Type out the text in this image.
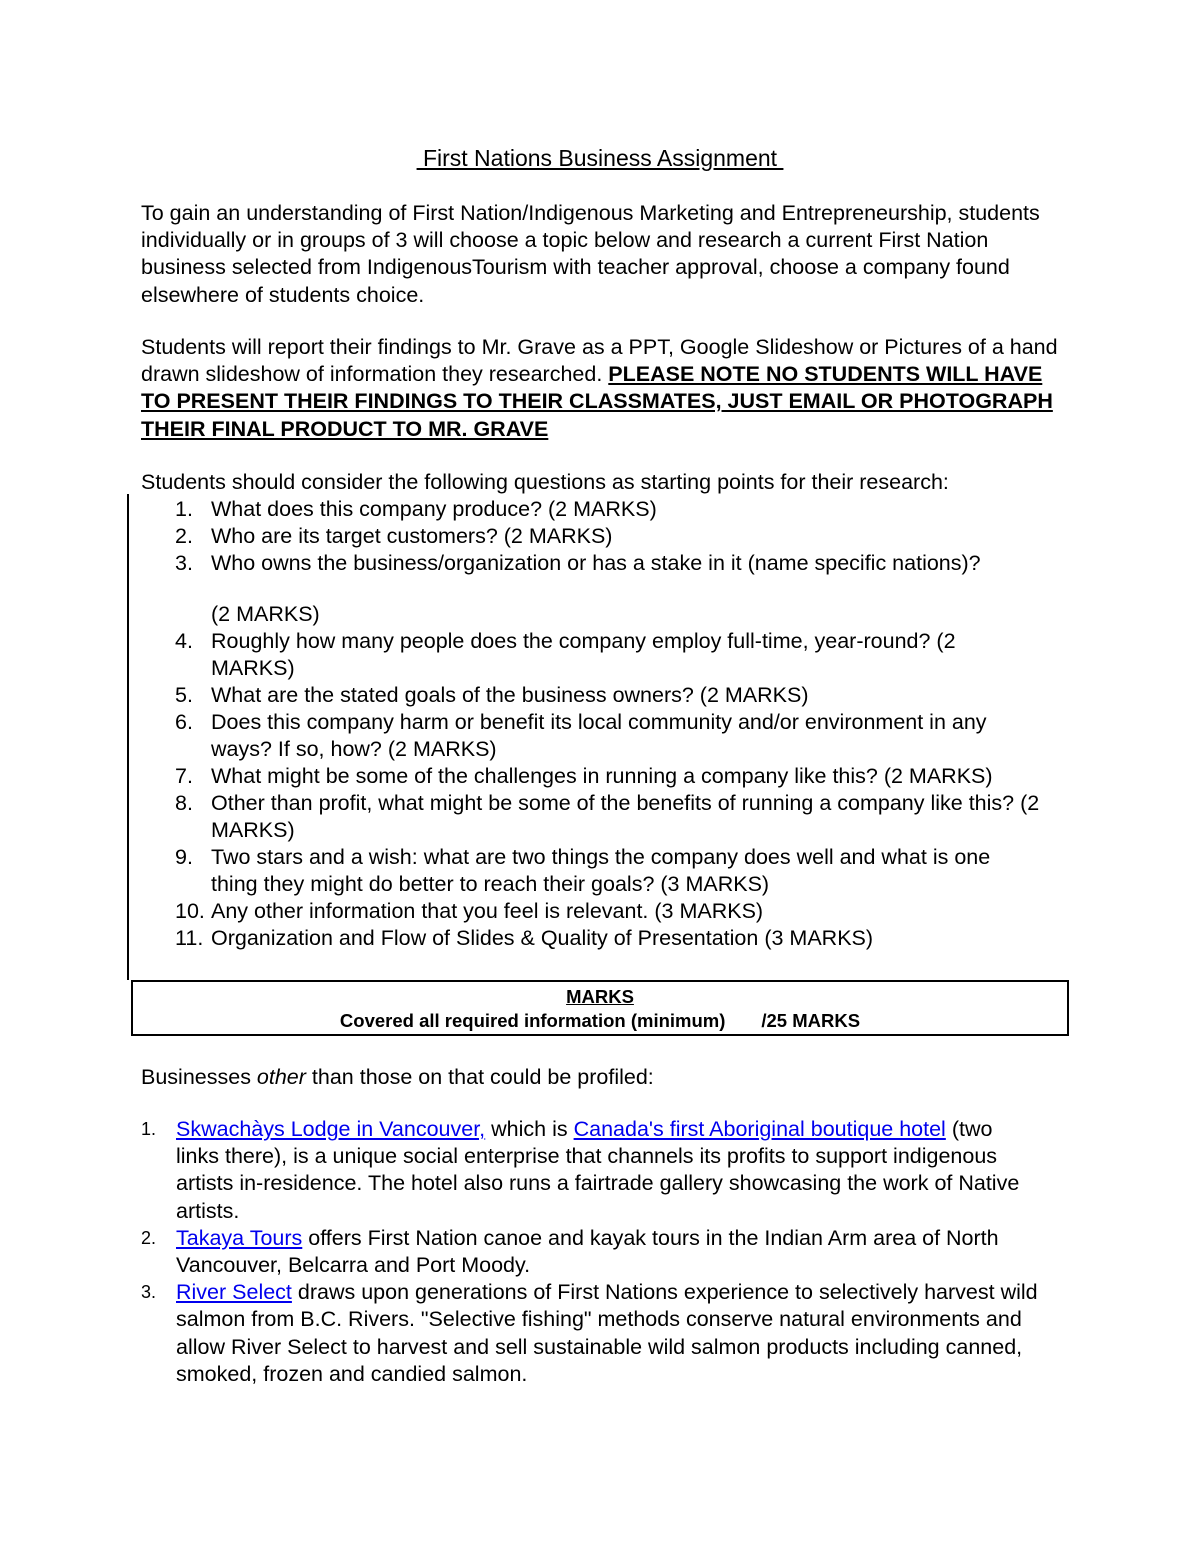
First Nations Business Assignment
To gain an understanding of First Nation/Indigenous Marketing and Entrepreneurship, students individually or in groups of 3 will choose a topic below and research a current First Nation business selected from IndigenousTourism with teacher approval, choose a company found elsewhere of students choice.
Students will report their findings to Mr. Grave as a PPT, Google Slideshow or Pictures of a hand drawn slideshow of information they researched. PLEASE NOTE NO STUDENTS WILL HAVE TO PRESENT THEIR FINDINGS TO THEIR CLASSMATES, JUST EMAIL OR PHOTOGRAPH THEIR FINAL PRODUCT TO MR. GRAVE
Students should consider the following questions as starting points for their research:
1. What does this company produce? (2 MARKS)
2. Who are its target customers? (2 MARKS)
3. Who owns the business/organization or has a stake in it (name specific nations)?
(2 MARKS)
4. Roughly how many people does the company employ full-time, year-round? (2 MARKS)
5. What are the stated goals of the business owners? (2 MARKS)
6. Does this company harm or benefit its local community and/or environment in any ways? If so, how? (2 MARKS)
7. What might be some of the challenges in running a company like this? (2 MARKS)
8. Other than profit, what might be some of the benefits of running a company like this? (2 MARKS)
9. Two stars and a wish: what are two things the company does well and what is one thing they might do better to reach their goals? (3 MARKS)
10. Any other information that you feel is relevant. (3 MARKS)
11. Organization and Flow of Slides & Quality of Presentation (3 MARKS)
MARKS
Covered all required information (minimum)       /25 MARKS
Businesses other than those on that could be profiled:
1. Skwachàys Lodge in Vancouver, which is Canada's first Aboriginal boutique hotel (two links there), is a unique social enterprise that channels its profits to support indigenous artists in-residence. The hotel also runs a fairtrade gallery showcasing the work of Native artists.
2. Takaya Tours offers First Nation canoe and kayak tours in the Indian Arm area of North Vancouver, Belcarra and Port Moody.
3. River Select draws upon generations of First Nations experience to selectively harvest wild salmon from B.C. Rivers. "Selective fishing" methods conserve natural environments and allow River Select to harvest and sell sustainable wild salmon products including canned, smoked, frozen and candied salmon.
